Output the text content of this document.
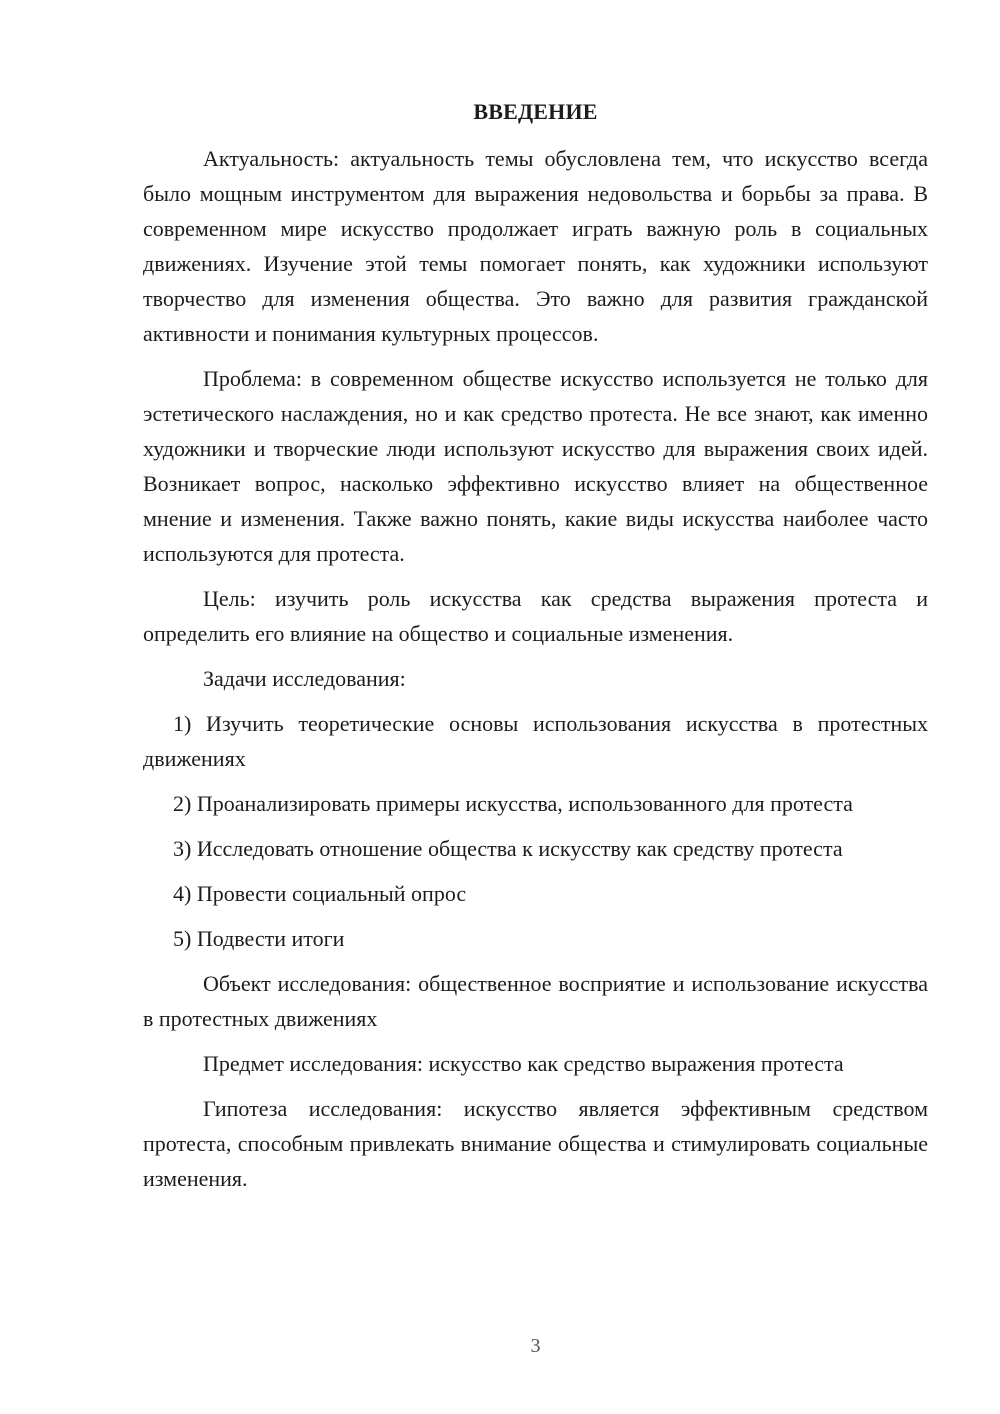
ВВЕДЕНИЕ

Актуальность: актуальность темы обусловлена тем, что искусство всегда было мощным инструментом для выражения недовольства и борьбы за права. В современном мире искусство продолжает играть важную роль в социальных движениях. Изучение этой темы помогает понять, как художники используют творчество для изменения общества. Это важно для развития гражданской активности и понимания культурных процессов.

Проблема: в современном обществе искусство используется не только для эстетического наслаждения, но и как средство протеста. Не все знают, как именно художники и творческие люди используют искусство для выражения своих идей. Возникает вопрос, насколько эффективно искусство влияет на общественное мнение и изменения. Также важно понять, какие виды искусства наиболее часто используются для протеста.

Цель: изучить роль искусства как средства выражения протеста и определить его влияние на общество и социальные изменения.

Задачи исследования:

1) Изучить теоретические основы использования искусства в протестных движениях

2) Проанализировать примеры искусства, использованного для протеста

3) Исследовать отношение общества к искусству как средству протеста

4) Провести социальный опрос

5) Подвести итоги

Объект исследования: общественное восприятие и использование искусства в протестных движениях

Предмет исследования: искусство как средство выражения протеста

Гипотеза исследования: искусство является эффективным средством протеста, способным привлекать внимание общества и стимулировать социальные изменения.

3
